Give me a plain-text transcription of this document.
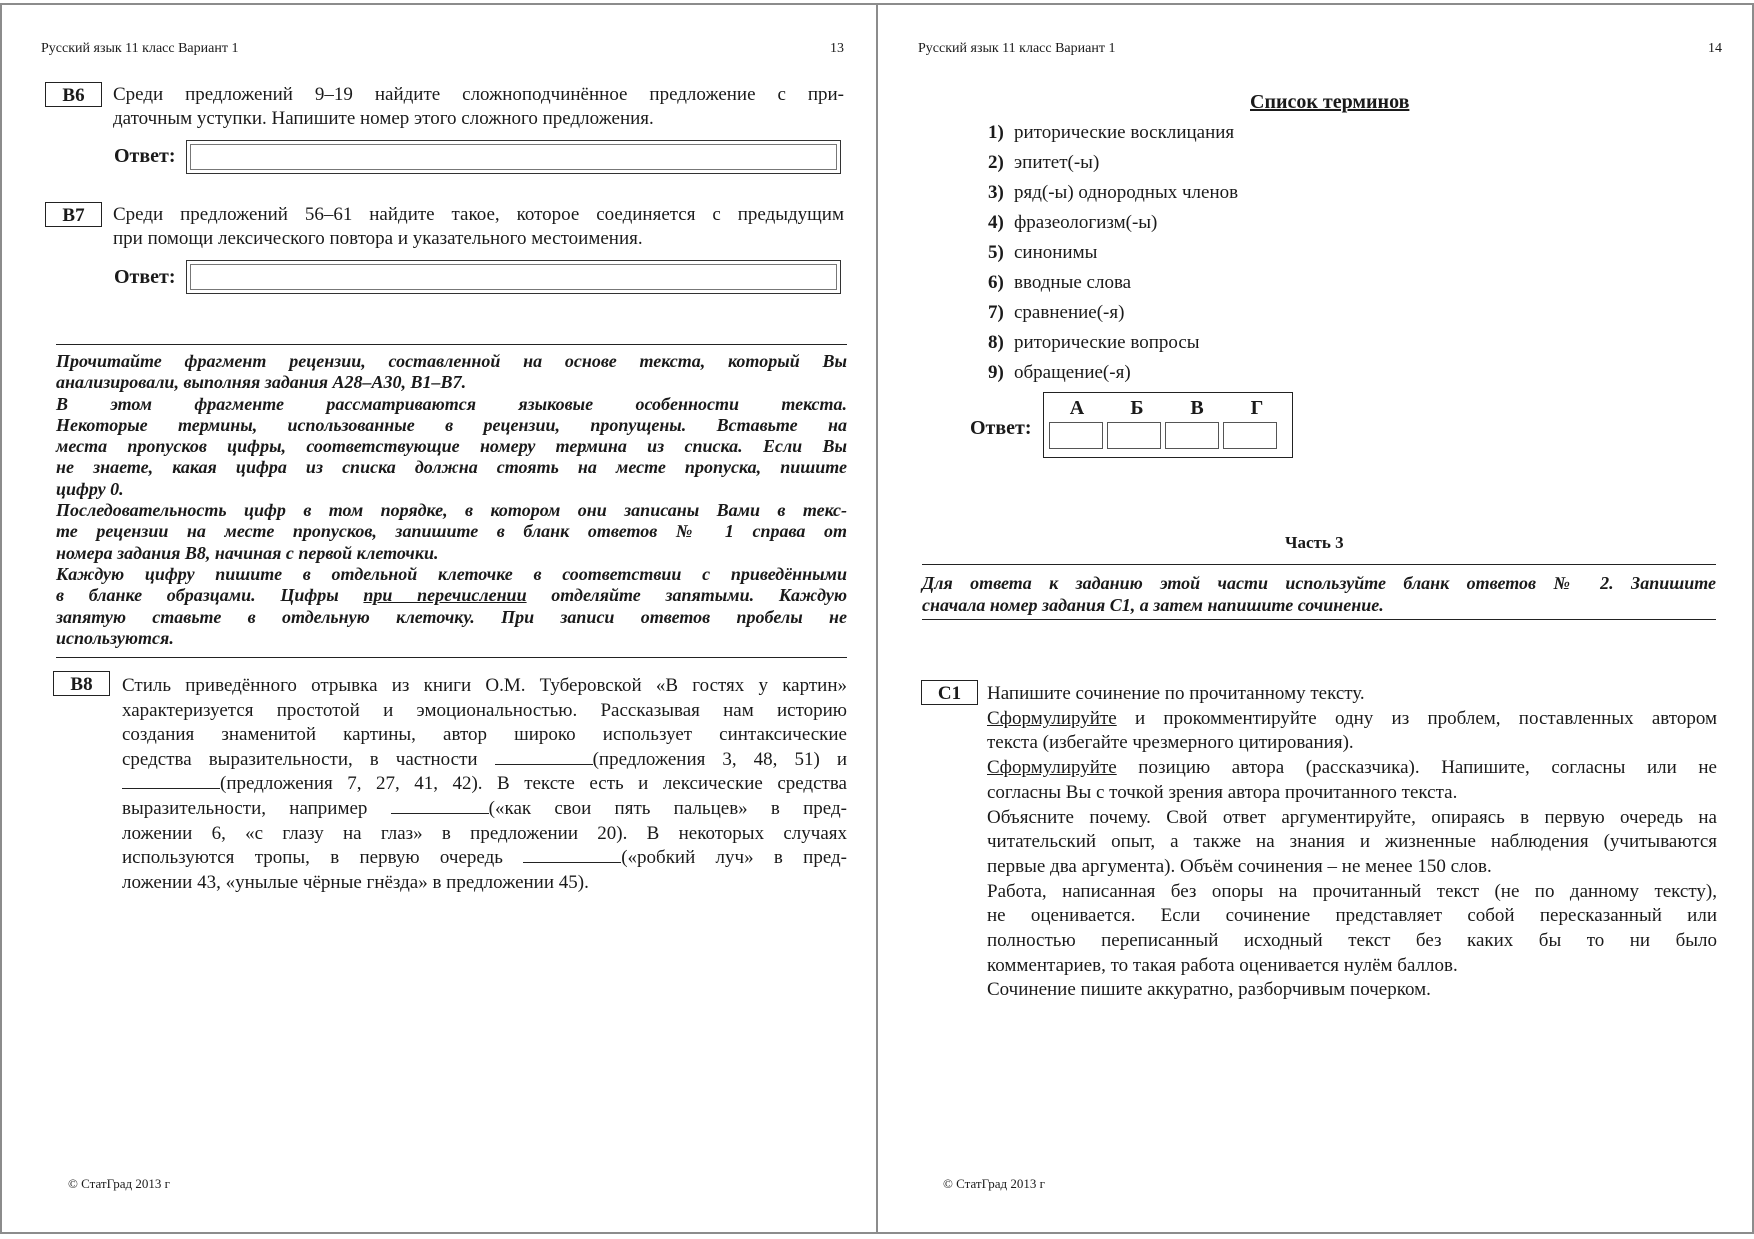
Русский язык 11 класс Вариант 1	13
B6	Среди предложений 9–19 найдите сложноподчинённое предложение с при-
даточным уступки. Напишите номер этого сложного предложения.
Ответ:
B7	Среди предложений 56–61 найдите такое, которое соединяется с предыдущим
при помощи лексического повтора и указательного местоимения.
Ответ:
Прочитайте фрагмент рецензии, составленной на основе текста, который Вы
анализировали, выполняя задания А28–А30, В1–В7.
В этом фрагменте рассматриваются языковые особенности текста.
Некоторые термины, использованные в рецензии, пропущены. Вставьте на
места пропусков цифры, соответствующие номеру термина из списка. Если Вы
не знаете, какая цифра из списка должна стоять на месте пропуска, пишите
цифру 0.
Последовательность цифр в том порядке, в котором они записаны Вами в текс-
те рецензии на месте пропусков, запишите в бланк ответов № 1 справа от
номера задания В8, начиная с первой клеточки.
Каждую цифру пишите в отдельной клеточке в соответствии с приведёнными
в бланке образцами. Цифры при перечислении отделяйте запятыми. Каждую
запятую ставьте в отдельную клеточку. При записи ответов пробелы не
используются.
B8	Стиль приведённого отрывка из книги О.М. Туберовской «В гостях у картин»
характеризуется простотой и эмоциональностью. Рассказывая нам историю
создания знаменитой картины, автор широко использует синтаксические
средства выразительности, в частности	(предложения 3, 48, 51) и
(предложения 7, 27, 41, 42). В тексте есть и лексические средства
выразительности, например	(«как свои пять пальцев» в пред-
ложении 6, «с глазу на глаз» в предложении 20). В некоторых случаях
используются тропы, в первую очередь	(«робкий луч» в пред-
ложении 43, «унылые чёрные гнёзда» в предложении 45).
© СтатГрад 2013 г
Русский язык 11 класс Вариант 1	14
Список терминов
1) риторические восклицания
2) эпитет(-ы)
3) ряд(-ы) однородных членов
4) фразеологизм(-ы)
5) синонимы
6) вводные слова
7) сравнение(-я)
8) риторические вопросы
9) обращение(-я)
Ответ:
А Б В Г
Часть 3
Для ответа к заданию этой части используйте бланк ответов № 2. Запишите
сначала номер задания С1, а затем напишите сочинение.
C1	Напишите сочинение по прочитанному тексту.
Сформулируйте и прокомментируйте одну из проблем, поставленных автором
текста (избегайте чрезмерного цитирования).
Сформулируйте позицию автора (рассказчика). Напишите, согласны или не
согласны Вы с точкой зрения автора прочитанного текста.
Объясните почему. Свой ответ аргументируйте, опираясь в первую очередь на
читательский опыт, а также на знания и жизненные наблюдения (учитываются
первые два аргумента). Объём сочинения – не менее 150 слов.
Работа, написанная без опоры на прочитанный текст (не по данному тексту),
не оценивается. Если сочинение представляет собой пересказанный или
полностью переписанный исходный текст без каких бы то ни было
комментариев, то такая работа оценивается нулём баллов.
Сочинение пишите аккуратно, разборчивым почерком.
© СтатГрад 2013 г
